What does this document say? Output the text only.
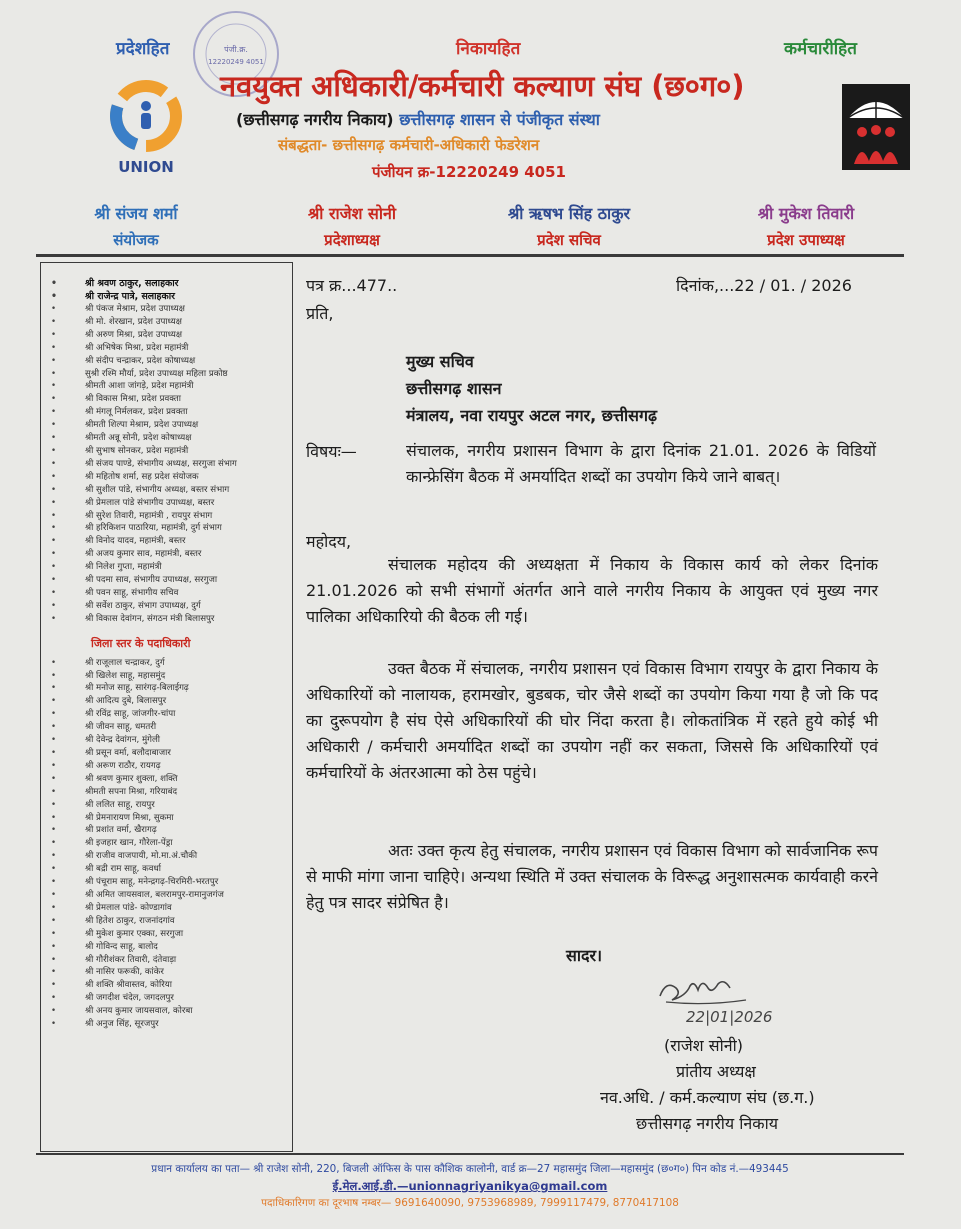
प्रदेशहित	निकायहित	कर्मचारीहित
UNION
पंजी.क्र.
12220249 4051
नवयुक्त अधिकारी/कर्मचारी कल्याण संघ (छ०ग०)
(छत्तीसगढ़ नगरीय निकाय) छत्तीसगढ़ शासन से पंजीकृत संस्था
संबद्धता- छत्तीसगढ़ कर्मचारी-अधिकारी फेडरेशन
पंजीयन क्र-12220249 4051
श्री संजय शर्मा
संयोजक
श्री राजेश सोनी
प्रदेशाध्यक्ष
श्री ऋषभ सिंह ठाकुर
प्रदेश सचिव
श्री मुकेश तिवारी
प्रदेश उपाध्यक्ष
• श्री श्रवण ठाकुर, सलाहकार
• श्री राजेन्द्र पात्रे, सलाहकार
• श्री पंकज मेश्राम, प्रदेश उपाध्यक्ष
• श्री मो. शेरखान, प्रदेश उपाध्यक्ष
• श्री अरुण मिश्रा, प्रदेश उपाध्यक्ष
• श्री अभिषेक मिश्रा, प्रदेश महामंत्री
• श्री संदीप चन्द्राकर, प्रदेश कोषाध्यक्ष
• सुश्री रश्मि मौर्या, प्रदेश उपाध्यक्ष महिला प्रकोष्ठ
• श्रीमती आशा जांगड़े, प्रदेश महामंत्री
• श्री विकास मिश्रा, प्रदेश प्रवक्ता
• श्री मंगलू निर्मलकर, प्रदेश प्रवक्ता
• श्रीमती शिल्पा मेश्राम, प्रदेश उपाध्यक्ष
• श्रीमती अन्नू सोनी, प्रदेश कोषाध्यक्ष
• श्री सुभाष सोनकर, प्रदेश महामंत्री
• श्री संजय पाण्डे, संभागीय अध्यक्ष, सरगुजा संभाग
• श्री महितोष शर्मा, सह प्रदेश संयोजक
• श्री सुशील पांडे, संभागीय अध्यक्ष, बस्तर संभाग
• श्री प्रेमलाल पांडे संभागीय उपाध्यक्ष, बस्तर
• श्री सुरेश तिवारी, महामंत्री , रायपुर संभाग
• श्री हरिकिशन पाठारिया, महामंत्री, दुर्ग संभाग
• श्री विनोद यादव, महामंत्री, बस्तर
• श्री अजय कुमार साव, महामंत्री, बस्तर
• श्री निलेश गुप्ता, महामंत्री
• श्री पदमा साव, संभागीय उपाध्यक्ष, सरगुजा
• श्री पवन साहू, संभागीय सचिव
• श्री सर्वेश ठाकुर, संभाग उपाध्यक्ष, दुर्ग
• श्री विकास देवांगन, संगठन मंत्री बिलासपुर
जिला स्तर के पदाधिकारी
• श्री राजूलाल चन्द्राकर, दुर्ग
• श्री खिलेश साहू, महासमुंद
• श्री मनोज साहू, सारंगढ़-बिलाईगढ़
• श्री आदित्य दुबे, बिलासपुर
• श्री रविंद्र साहू, जांजगीर-चांपा
• श्री जीवन साहू, धमतरी
• श्री देवेन्द्र देवांगन, मुंगेली
• श्री प्रसून वर्मा, बलौदाबाजार
• श्री अरूण राठौर, रायगढ़
• श्री श्रवण कुमार शुक्ला, शक्ति
• श्रीमती सपना मिश्रा, गरियाबंद
• श्री ललित साहू, रायपुर
• श्री प्रेमनारायण मिश्रा, सुकमा
• श्री प्रशांत वर्मा, खैरागढ़
• श्री इजहार खान, गौरेला-पेंड्रा
• श्री राजीव वाजपायी, मो.मा.अं.चौकी
• श्री बद्री राम साहू, कवर्धा
• श्री पंचूराम साहू, मनेन्द्रगढ़-चिरमिरी-भरतपुर
• श्री अमित जायसवाल, बलरामपुर-रामानुजगंज
• श्री प्रेमलाल पांडे- कोण्डागांव
• श्री हितेश ठाकुर, राजनांदगांव
• श्री मुकेश कुमार एक्का, सरगुजा
• श्री गोविन्द साहू, बालोद
• श्री गौरीशंकर तिवारी, दंतेवाड़ा
• श्री नासिर फरूकी, कांकेर
• श्री शक्ति श्रीवास्तव, कोरिया
• श्री जगदीश चंदेल, जगदलपुर
• श्री अनय कुमार जायसवाल, कोरबा
• श्री अनुज सिंह, सूरजपुर
पत्र क्र...477..	दिनांक,...22 / 01. / 2026
प्रति,
मुख्य सचिव
छत्तीसगढ़ शासन
मंत्रालय, नवा रायपुर अटल नगर, छत्तीसगढ़
विषयः—	संचालक, नगरीय प्रशासन विभाग के द्वारा दिनांक 21.01. 2026 के विडियों कान्फ्रेसिंग बैठक में अमर्यादित शब्दों का उपयोग किये जाने बाबत्।
महोदय,
संचालक महोदय की अध्यक्षता में निकाय के विकास कार्य को लेकर दिनांक 21.01.2026 को सभी संभागों अंतर्गत आने वाले नगरीय निकाय के आयुक्त एवं मुख्य नगर पालिका अधिकारियो की बैठक ली गई।
उक्त बैठक में संचालक, नगरीय प्रशासन एवं विकास विभाग रायपुर के द्वारा निकाय के अधिकारियों को नालायक, हरामखोर, बुडबक, चोर जैसे शब्दों का उपयोग किया गया है जो कि पद का दुरूपयोग है संघ ऐसे अधिकारियों की घोर निंदा करता है। लोकतांत्रिक में रहते हुये कोई भी अधिकारी / कर्मचारी अमर्यादित शब्दों का उपयोग नहीं कर सकता, जिससे कि अधिकारियों एवं कर्मचारियों के अंतरआत्मा को ठेस पहुंचे।
अतः उक्त कृत्य हेतु संचालक, नगरीय प्रशासन एवं विकास विभाग को सार्वजानिक रूप से माफी मांगा जाना चाहिऐ। अन्यथा स्थिति में उक्त संचालक के विरूद्ध अनुशासत्मक कार्यवाही करने हेतु पत्र सादर संप्रेषित है।
सादर।
22|01|2026
(राजेश सोनी)
प्रांतीय अध्यक्ष
नव.अधि. / कर्म.कल्याण संघ (छ.ग.)
छत्तीसगढ़ नगरीय निकाय
प्रधान कार्यालय का पता— श्री राजेश सोनी, 220, बिजली ऑफिस के पास कौशिक कालोनी, वार्ड क्र—27 महासमुंद जिला—महासमुंद (छ०ग०) पिन कोड नं.—493445
ई.मेल.आई.डी.—unionnagriyanikya@gmail.com
पदाधिकारिगण का दूरभाष नम्बर— 9691640090, 9753968989, 7999117479, 8770417108
